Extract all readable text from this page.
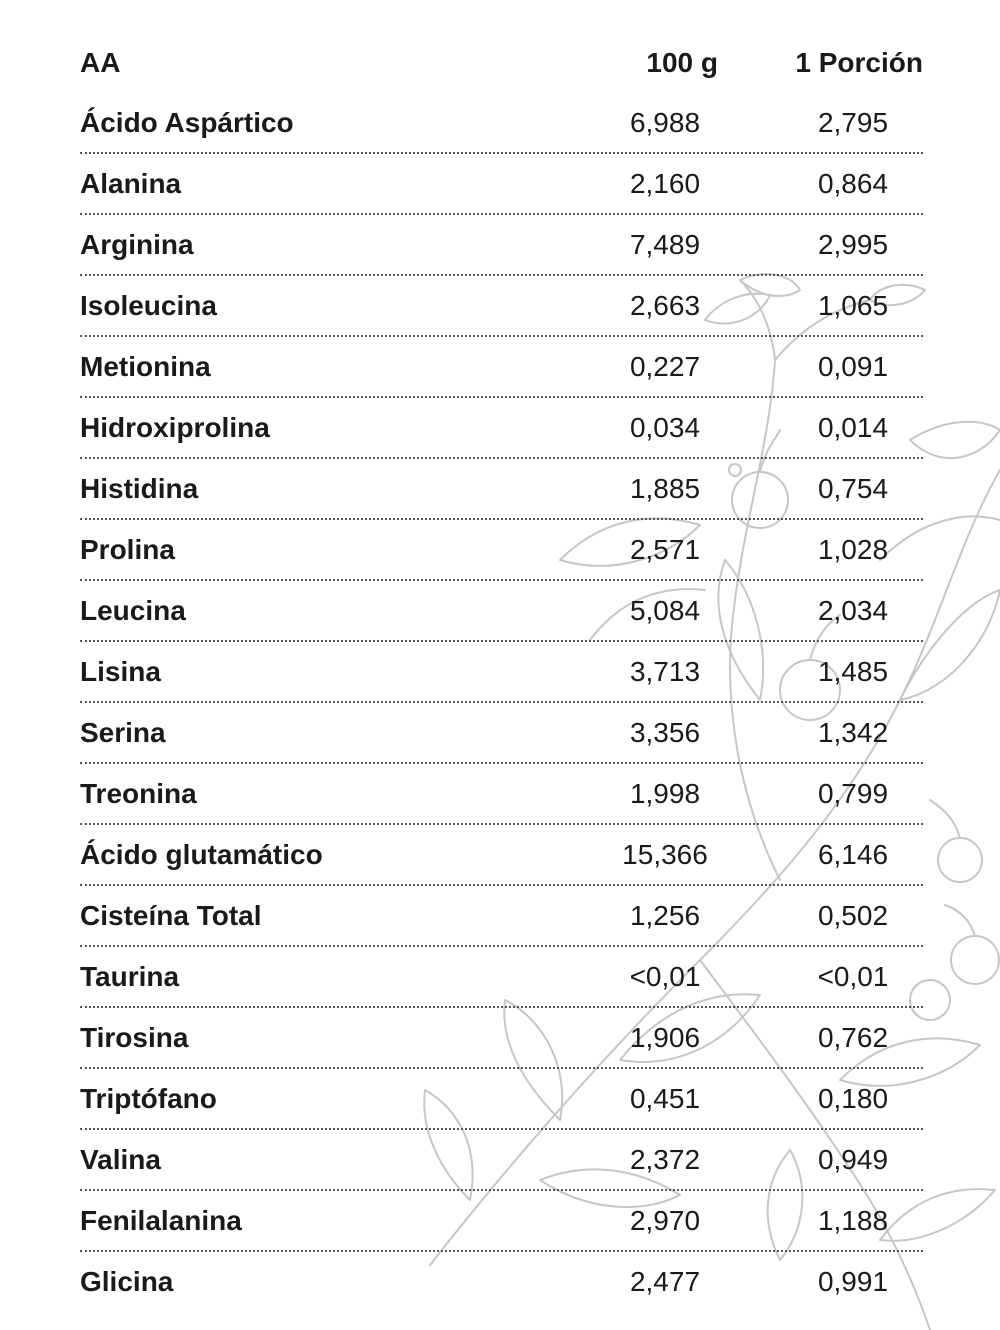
AA	100 g	1 Porción
Ácido Aspártico	6,988	2,795
Alanina	2,160	0,864
Arginina	7,489	2,995
Isoleucina	2,663	1,065
Metionina	0,227	0,091
Hidroxiprolina	0,034	0,014
Histidina	1,885	0,754
Prolina	2,571	1,028
Leucina	5,084	2,034
Lisina	3,713	1,485
Serina	3,356	1,342
Treonina	1,998	0,799
Ácido glutamático	15,366	6,146
Cisteína Total	1,256	0,502
Taurina	<0,01	<0,01
Tirosina	1,906	0,762
Triptófano	0,451	0,180
Valina	2,372	0,949
Fenilalanina	2,970	1,188
Glicina	2,477	0,991
